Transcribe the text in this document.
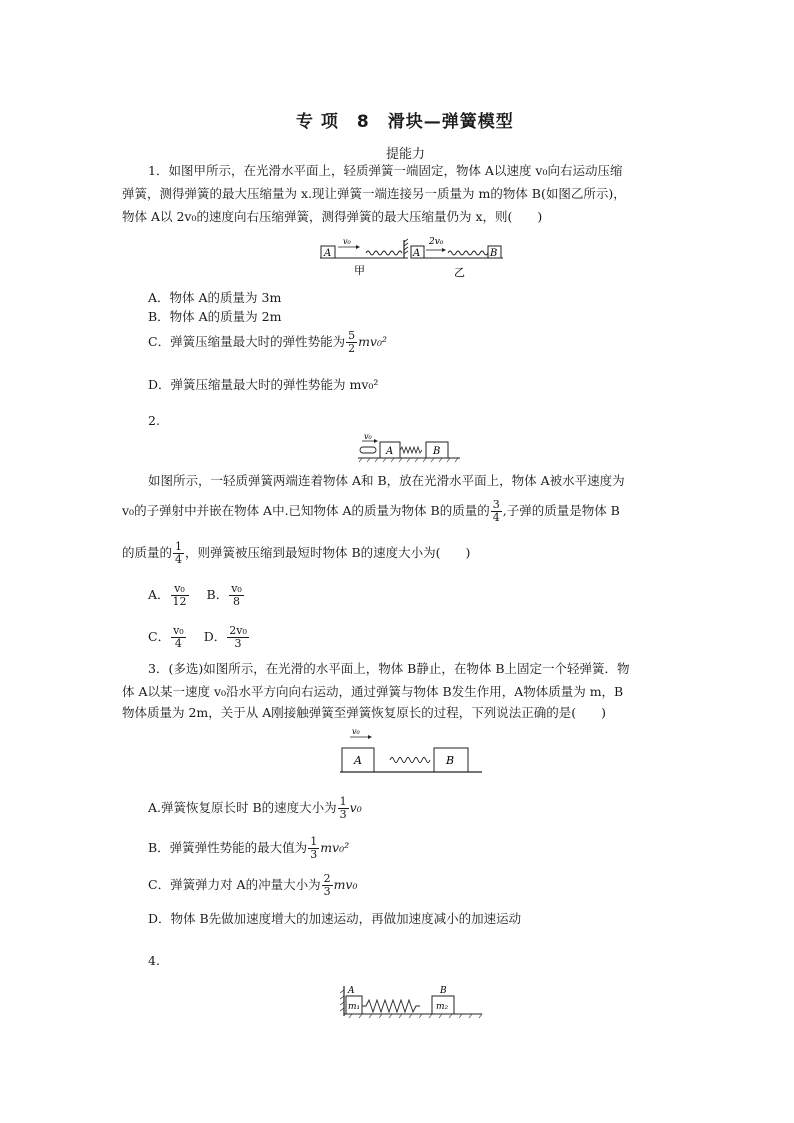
专 项　8　滑块—弹簧模型
提能力
1．如图甲所示，在光滑水平面上，轻质弹簧一端固定，物体 A以速度 v₀向右运动压缩
弹簧，测得弹簧的最大压缩量为 x.现让弹簧一端连接另一质量为 m的物体 B(如图乙所示)，
物体 A以 2v₀的速度向右压缩弹簧，测得弹簧的最大压缩量仍为 x，则(　　)
A
v₀
A
2v₀
B
甲	乙
A．物体 A的质量为 3m
B．物体 A的质量为 2m
C．弹簧压缩量最大时的弹性势能为 $\frac{5}{2} mv_0^2$
D．弹簧压缩量最大时的弹性势能为 mv₀²
2.
v₀
A	B
如图所示，一轻质弹簧两端连着物体 A和 B，放在光滑水平面上，物体 A被水平速度为
v₀的子弹射中并嵌在物体 A中.已知物体 A的质量为物体 B的质量的 $\frac{3}{4}$ ,子弹的质量是物体 B
的质量的 $\frac{1}{4}$ ，则弹簧被压缩到最短时物体 B的速度大小为(　　)
A． $\frac{\text{v₀}}{12}$ B． $\frac{\text{v₀}}{8}$
C． $\frac{\text{v₀}}{4}$ D． $\frac{\text{2v₀}}{3}$
3．(多选)如图所示，在光滑的水平面上，物体 B静止，在物体 B上固定一个轻弹簧．物
体 A以某一速度 v₀沿水平方向向右运动，通过弹簧与物体 B发生作用，A物体质量为 m，B
物体质量为 2m，关于从 A刚接触弹簧至弹簧恢复原长的过程，下列说法正确的是(　　)
v₀
A	B
A.弹簧恢复原长时 B的速度大小为 $\frac{1}{3} v_0$
B．弹簧弹性势能的最大值为 $\frac{1}{3} mv_0^2$
C．弹簧弹力对 A的冲量大小为 $\frac{2}{3} mv_0$
D．物体 B先做加速度增大的加速运动，再做加速度减小的加速运动
4.
A
m₁
B
m₂
